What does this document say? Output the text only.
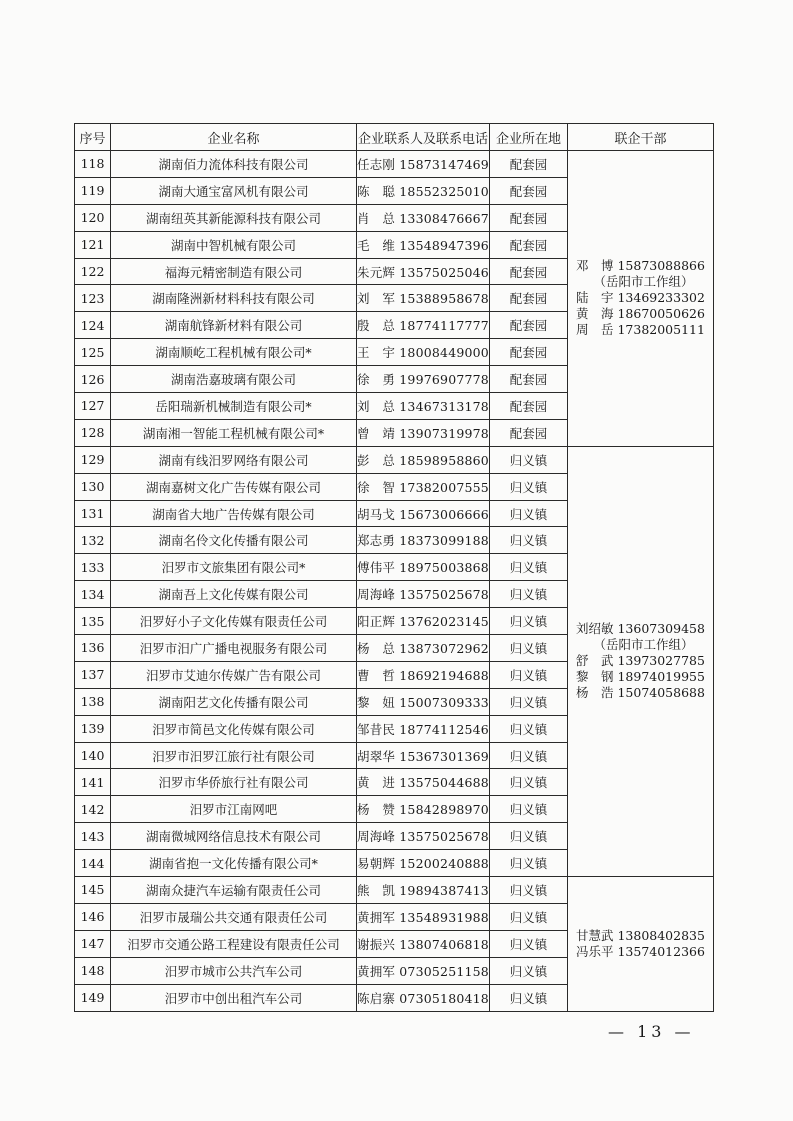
序号	企业名称	企业联系人及联系电话	企业所在地	联企干部
118	湖南佰力流体科技有限公司	任志刚 15873147469	配套园	邓　博 15873088866
（岳阳市工作组）
陆　宇 13469233302
黄　海 18670050626
周　岳 17382005111

119	湖南大通宝富风机有限公司	陈　聪 18552325010	配套园	
120	湖南纽英其新能源科技有限公司	肖　总 13308476667	配套园	
121	湖南中智机械有限公司	毛　维 13548947396	配套园	
122	福海元精密制造有限公司	朱元辉 13575025046	配套园	
123	湖南隆洲新材料科技有限公司	刘　军 15388958678	配套园	
124	湖南航锋新材料有限公司	殷　总 18774117777	配套园	
125	湖南顺屹工程机械有限公司*	王　宇 18008449000	配套园	
126	湖南浩嘉玻璃有限公司	徐　勇 19976907778	配套园	
127	岳阳瑞新机械制造有限公司*	刘　总 13467313178	配套园	
128	湖南湘一智能工程机械有限公司*	曾　靖 13907319978	配套园	
129	湖南有线汨罗网络有限公司	彭　总 18598958860	归义镇	刘绍敏 13607309458
（岳阳市工作组）
舒　武 13973027785
黎　钢 18974019955
杨　浩 15074058688

130	湖南嘉树文化广告传媒有限公司	徐　智 17382007555	归义镇	
131	湖南省大地广告传媒有限公司	胡马戈 15673006666	归义镇	
132	湖南名伶文化传播有限公司	郑志勇 18373099188	归义镇	
133	汨罗市文旅集团有限公司*	傅伟平 18975003868	归义镇	
134	湖南吾上文化传媒有限公司	周海峰 13575025678	归义镇	
135	汨罗好小子文化传媒有限责任公司	阳正辉 13762023145	归义镇	
136	汨罗市汨广广播电视服务有限公司	杨　总 13873072962	归义镇	
137	汨罗市艾迪尔传媒广告有限公司	曹　哲 18692194688	归义镇	
138	湖南阳艺文化传播有限公司	黎　妞 15007309333	归义镇	
139	汨罗市简邑文化传媒有限公司	邹昔民 18774112546	归义镇	
140	汨罗市汨罗江旅行社有限公司	胡翠华 15367301369	归义镇	
141	汨罗市华侨旅行社有限公司	黄　进 13575044688	归义镇	
142	汨罗市江南网吧	杨　赞 15842898970	归义镇	
143	湖南微城网络信息技术有限公司	周海峰 13575025678	归义镇	
144	湖南省抱一文化传播有限公司*	易朝辉 15200240888	归义镇	
145	湖南众捷汽车运输有限责任公司	熊　凯 19894387413	归义镇	甘慧武 13808402835
冯乐平 13574012366

146	汨罗市晟瑞公共交通有限责任公司	黄拥军 13548931988	归义镇	
147	汨罗市交通公路工程建设有限责任公司	谢振兴 13807406818	归义镇	
148	汨罗市城市公共汽车公司	黄拥军 07305251158	归义镇	
149	汨罗市中创出租汽车公司	陈启寨 07305180418	归义镇	
— 13 —
